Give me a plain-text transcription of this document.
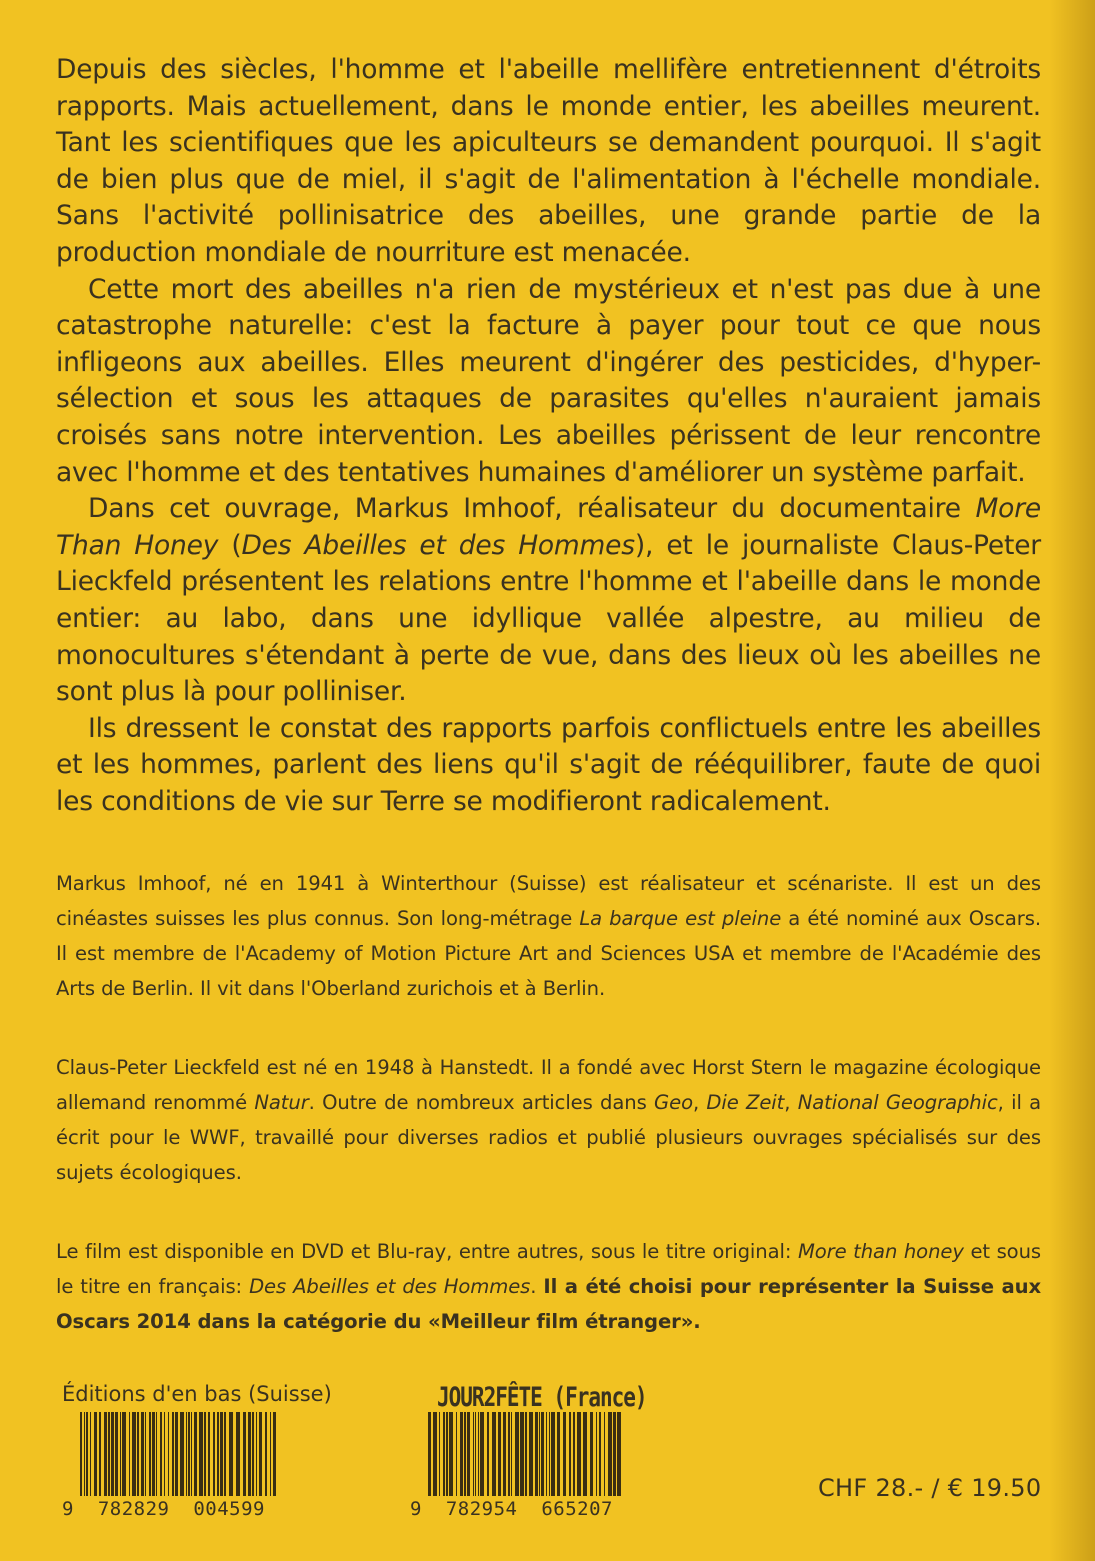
Depuis des siècles, l'homme et l'abeille mellifère entretiennent d'étroits rapports. Mais actuellement, dans le monde entier, les abeilles meurent. Tant les scientifiques que les apiculteurs se demandent pourquoi. Il s'agit de bien plus que de miel, il s'agit de l'alimentation à l'échelle mondiale. Sans l'activité pollinisatrice des abeilles, une grande partie de la production mondiale de nourriture est menacée.

Cette mort des abeilles n'a rien de mystérieux et n'est pas due à une catastrophe naturelle: c'est la facture à payer pour tout ce que nous infligeons aux abeilles. Elles meurent d'ingérer des pesticides, d'hyper-sélection et sous les attaques de parasites qu'elles n'auraient jamais croisés sans notre intervention. Les abeilles périssent de leur rencontre avec l'homme et des tentatives humaines d'améliorer un système parfait.

Dans cet ouvrage, Markus Imhoof, réalisateur du documentaire More Than Honey (Des Abeilles et des Hommes), et le journaliste Claus-Peter Lieckfeld présentent les relations entre l'homme et l'abeille dans le monde entier: au labo, dans une idyllique vallée alpestre, au milieu de monocultures s'étendant à perte de vue, dans des lieux où les abeilles ne sont plus là pour polliniser.

Ils dressent le constat des rapports parfois conflictuels entre les abeilles et les hommes, parlent des liens qu'il s'agit de rééquilibrer, faute de quoi les conditions de vie sur Terre se modifieront radicalement.

Markus Imhoof, né en 1941 à Winterthour (Suisse) est réalisateur et scénariste. Il est un des cinéastes suisses les plus connus. Son long-métrage La barque est pleine a été nominé aux Oscars. Il est membre de l'Academy of Motion Picture Art and Sciences USA et membre de l'Académie des Arts de Berlin. Il vit dans l'Oberland zurichois et à Berlin.

Claus-Peter Lieckfeld est né en 1948 à Hanstedt. Il a fondé avec Horst Stern le magazine écologique allemand renommé Natur. Outre de nombreux articles dans Geo, Die Zeit, National Geographic, il a écrit pour le WWF, travaillé pour diverses radios et publié plusieurs ouvrages spécialisés sur des sujets écologiques.

Le film est disponible en DVD et Blu-ray, entre autres, sous le titre original: More than honey et sous le titre en français: Des Abeilles et des Hommes. Il a été choisi pour représenter la Suisse aux Oscars 2014 dans la catégorie du «Meilleur film étranger».

Éditions d'en bas (Suisse)	JOUR2FÊTE (France)
9  782829  004599	9  782954  665207
CHF 28.- / € 19.50
